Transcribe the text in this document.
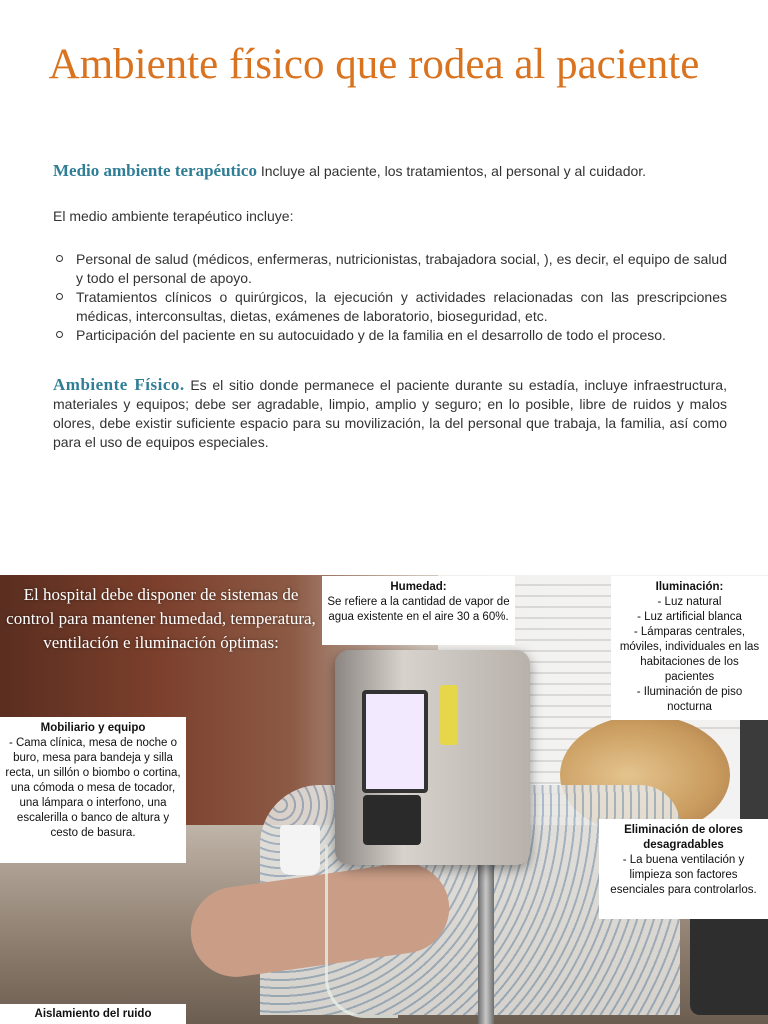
Ambiente físico que rodea al paciente
Medio ambiente terapéutico Incluye al paciente, los tratamientos, al personal y al cuidador.
El medio ambiente terapéutico incluye:
Personal de salud (médicos, enfermeras, nutricionistas, trabajadora social, ), es decir, el equipo de salud y todo el personal de apoyo.
Tratamientos clínicos o quirúrgicos, la ejecución y actividades relacionadas con las prescripciones médicas, interconsultas, dietas, exámenes de laboratorio, bioseguridad, etc.
Participación del paciente en su autocuidado y de la familia en el desarrollo de todo el proceso.
Ambiente Físico. Es el sitio donde permanece el paciente durante su estadía, incluye infraestructura, materiales y equipos; debe ser agradable, limpio, amplio y seguro; en lo posible, libre de ruidos y malos olores, debe existir suficiente espacio para su movilización, la del personal que trabaja, la familia, así como para el uso de equipos especiales.
El hospital debe disponer de sistemas de control para mantener humedad, temperatura, ventilación e iluminación óptimas:
Humedad:
Se refiere a la cantidad de vapor de agua existente en el aire 30 a 60%.
Iluminación:
- Luz natural
- Luz artificial blanca
- Lámparas centrales, móviles, individuales en las habitaciones de los pacientes
- Iluminación de piso nocturna
Mobiliario y equipo
- Cama clínica, mesa de noche o buro, mesa para bandeja y silla recta, un sillón o biombo o cortina, una cómoda o mesa de tocador, una lámpara o interfono, una escalerilla o banco de altura y cesto de basura.	Eliminación de olores desagradables
- La buena ventilación y limpieza son factores esenciales para controlarlos.
Aislamiento del ruido
